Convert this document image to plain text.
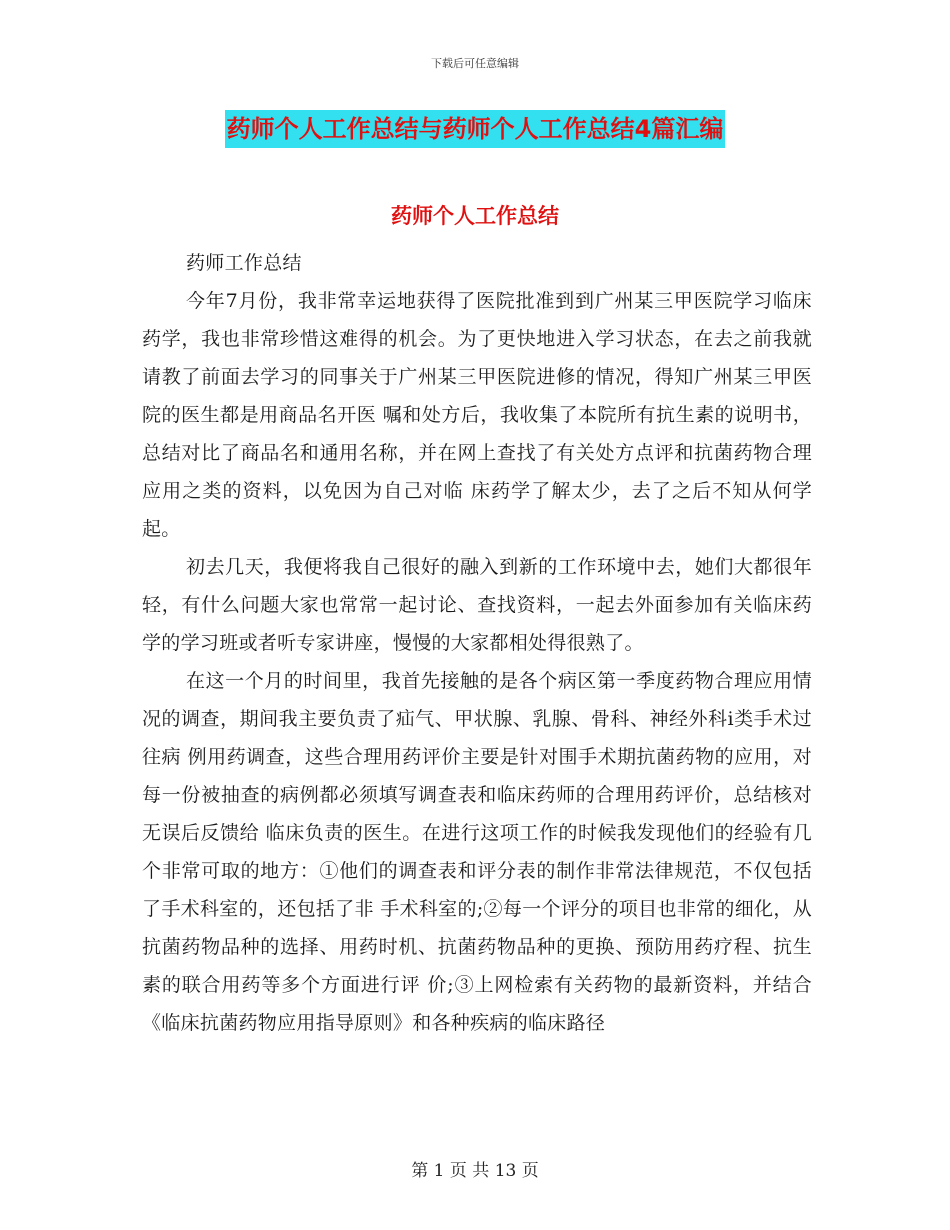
下载后可任意编辑
药师个人工作总结与药师个人工作总结4篇汇编
药师个人工作总结

药师工作总结

今年7月份，我非常幸运地获得了医院批准到到广州某三甲医院学习临床药学，我也非常珍惜这难得的机会。为了更快地进入学习状态，在去之前我就请教了前面去学习的同事关于广州某三甲医院进修的情况，得知广州某三甲医院的医生都是用商品名开医 嘱和处方后，我收集了本院所有抗生素的说明书，总结对比了商品名和通用名称，并在网上查找了有关处方点评和抗菌药物合理应用之类的资料，以免因为自己对临 床药学了解太少，去了之后不知从何学起。

初去几天，我便将我自己很好的融入到新的工作环境中去，她们大都很年轻，有什么问题大家也常常一起讨论、查找资料，一起去外面参加有关临床药学的学习班或者听专家讲座，慢慢的大家都相处得很熟了。

在这一个月的时间里，我首先接触的是各个病区第一季度药物合理应用情况的调查，期间我主要负责了疝气、甲状腺、乳腺、骨科、神经外科ⅰ类手术过往病 例用药调查，这些合理用药评价主要是针对围手术期抗菌药物的应用，对每一份被抽查的病例都必须填写调查表和临床药师的合理用药评价，总结核对无误后反馈给 临床负责的医生。在进行这项工作的时候我发现他们的经验有几个非常可取的地方：①他们的调查表和评分表的制作非常法律规范，不仅包括了手术科室的，还包括了非 手术科室的;②每一个评分的项目也非常的细化，从抗菌药物品种的选择、用药时机、抗菌药物品种的更换、预防用药疗程、抗生素的联合用药等多个方面进行评 价;③上网检索有关药物的最新资料，并结合《临床抗菌药物应用指导原则》和各种疾病的临床路径

第 1 页 共 13 页
